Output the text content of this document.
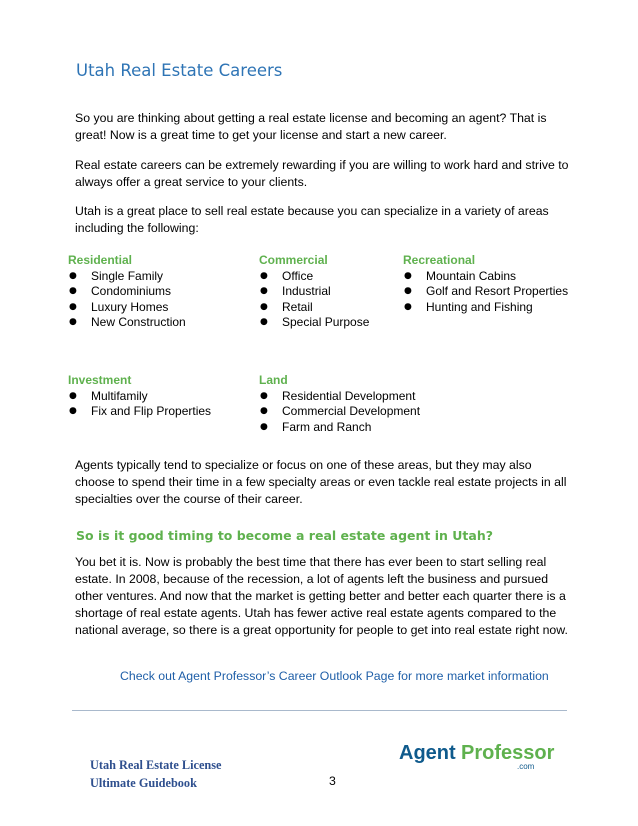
Utah Real Estate Careers

So you are thinking about getting a real estate license and becoming an agent? That is great! Now is a great time to get your license and start a new career.

Real estate careers can be extremely rewarding if you are willing to work hard and strive to always offer a great service to your clients.

Utah is a great place to sell real estate because you can specialize in a variety of areas including the following:

Residential

● Single Family
● Condominiums
● Luxury Homes
● New Construction

Commercial

● Office
● Industrial
● Retail
● Special Purpose

Recreational

● Mountain Cabins
● Golf and Resort Properties
● Hunting and Fishing

Investment

● Multifamily
● Fix and Flip Properties

Land

● Residential Development
● Commercial Development
● Farm and Ranch

Agents typically tend to specialize or focus on one of these areas, but they may also choose to spend their time in a few specialty areas or even tackle real estate projects in all specialties over the course of their career.

So is it good timing to become a real estate agent in Utah?

You bet it is. Now is probably the best time that there has ever been to start selling real estate. In 2008, because of the recession, a lot of agents left the business and pursued other ventures. And now that the market is getting better and better each quarter there is a shortage of real estate agents. Utah has fewer active real estate agents compared to the national average, so there is a great opportunity for people to get into real estate right now.

Check out Agent Professor’s Career Outlook Page for more market information
Utah Real Estate License
Ultimate Guidebook	3
Agent Professor
.com
